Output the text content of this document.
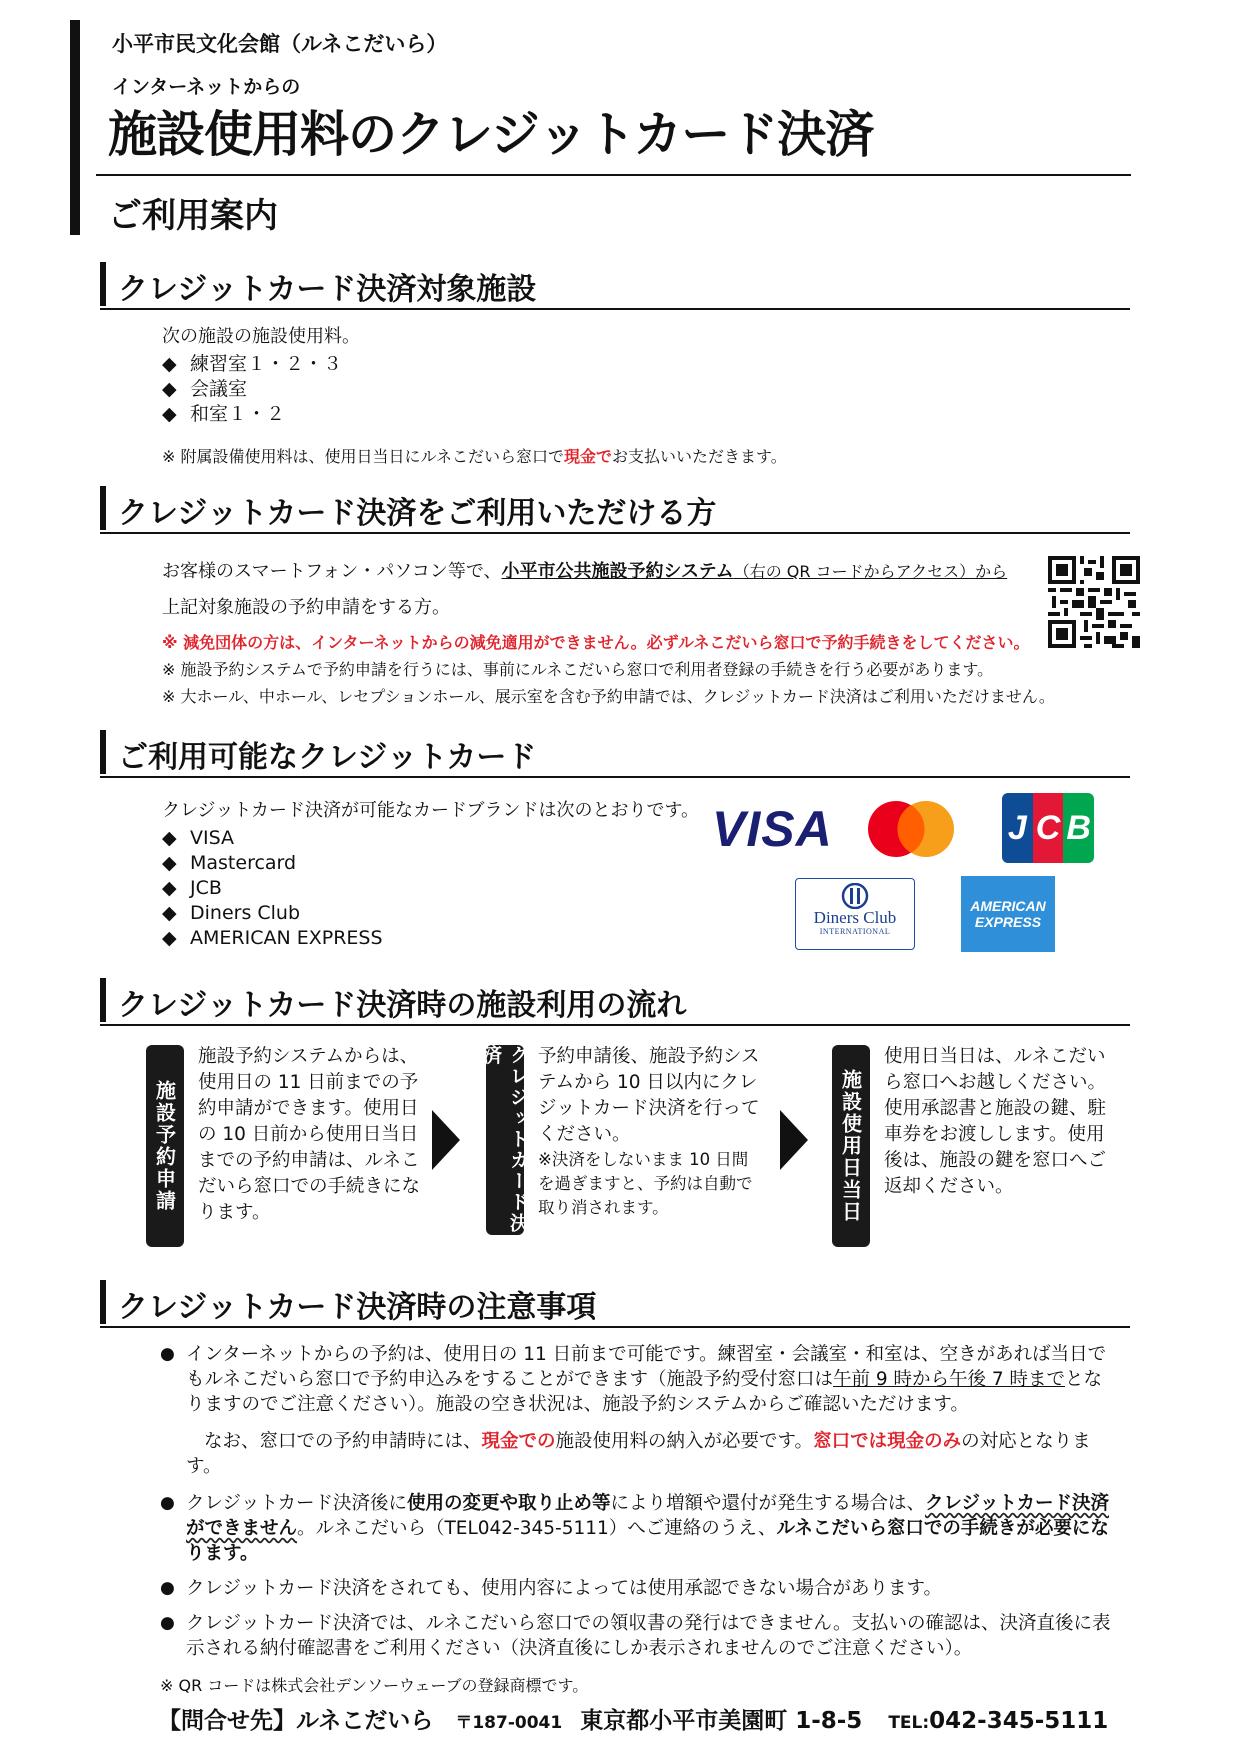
小平市民文化会館（ルネこだいら）
インターネットからの
施設使用料のクレジットカード決済
ご利用案内
クレジットカード決済対象施設
次の施設の施設使用料。
◆ 練習室１・２・３
◆ 会議室
◆ 和室１・２
※ 附属設備使用料は、使用日当日にルネこだいら窓口で現金でお支払いいただきます。
クレジットカード決済をご利用いただける方
お客様のスマートフォン・パソコン等で、小平市公共施設予約システム（右の QR コードからアクセス）から
上記対象施設の予約申請をする方。
※ 減免団体の方は、インターネットからの減免適用ができません。必ずルネこだいら窓口で予約手続きをしてください。
※ 施設予約システムで予約申請を行うには、事前にルネこだいら窓口で利用者登録の手続きを行う必要があります。
※ 大ホール、中ホール、レセプションホール、展示室を含む予約申請では、クレジットカード決済はご利用いただけません。
ご利用可能なクレジットカード
クレジットカード決済が可能なカードブランドは次のとおりです。
◆ VISA
◆ Mastercard
◆ JCB
◆ Diners Club
◆ AMERICAN EXPRESS
VISA	J C B
Diners Club
INTERNATIONAL
AMERICAN
EXPRESS
クレジットカード決済時の施設利用の流れ
施設予約申請
施設予約システムからは、使用日の 11 日前までの予約申請ができます。使用日の 10 日前から使用日当日までの予約申請は、ルネこだいら窓口での手続きになります。	クレジットカード決済	予約申請後、施設予約システムから 10 日以内にクレジットカード決済を行ってください。
※決済をしないまま 10 日間を過ぎますと、予約は自動で取り消されます。	施設使用日当日
使用日当日は、ルネこだいら窓口へお越しください。使用承認書と施設の鍵、駐車券をお渡しします。使用後は、施設の鍵を窓口へご返却ください。
クレジットカード決済時の注意事項
● インターネットからの予約は、使用日の 11 日前まで可能です。練習室・会議室・和室は、空きがあれば当日でもルネこだいら窓口で予約申込みをすることができます（施設予約受付窓口は午前 9 時から午後 7 時までとなりますのでご注意ください）。施設の空き状況は、施設予約システムからご確認いただけます。
なお、窓口での予約申請時には、現金での施設使用料の納入が必要です。窓口では現金のみの対応となります。
● クレジットカード決済後に使用の変更や取り止め等により増額や還付が発生する場合は、クレジットカード決済ができません。ルネこだいら（TEL042-345-5111）へご連絡のうえ、ルネこだいら窓口での手続きが必要になります。
● クレジットカード決済をされても、使用内容によっては使用承認できない場合があります。
● クレジットカード決済では、ルネこだいら窓口での領収書の発行はできません。支払いの確認は、決済直後に表示される納付確認書をご利用ください（決済直後にしか表示されませんのでご注意ください）。
※ QR コードは株式会社デンソーウェーブの登録商標です。
【問合せ先】ルネこだいら 〒187-0041 東京都小平市美園町 1-8-5 TEL:042-345-5111
